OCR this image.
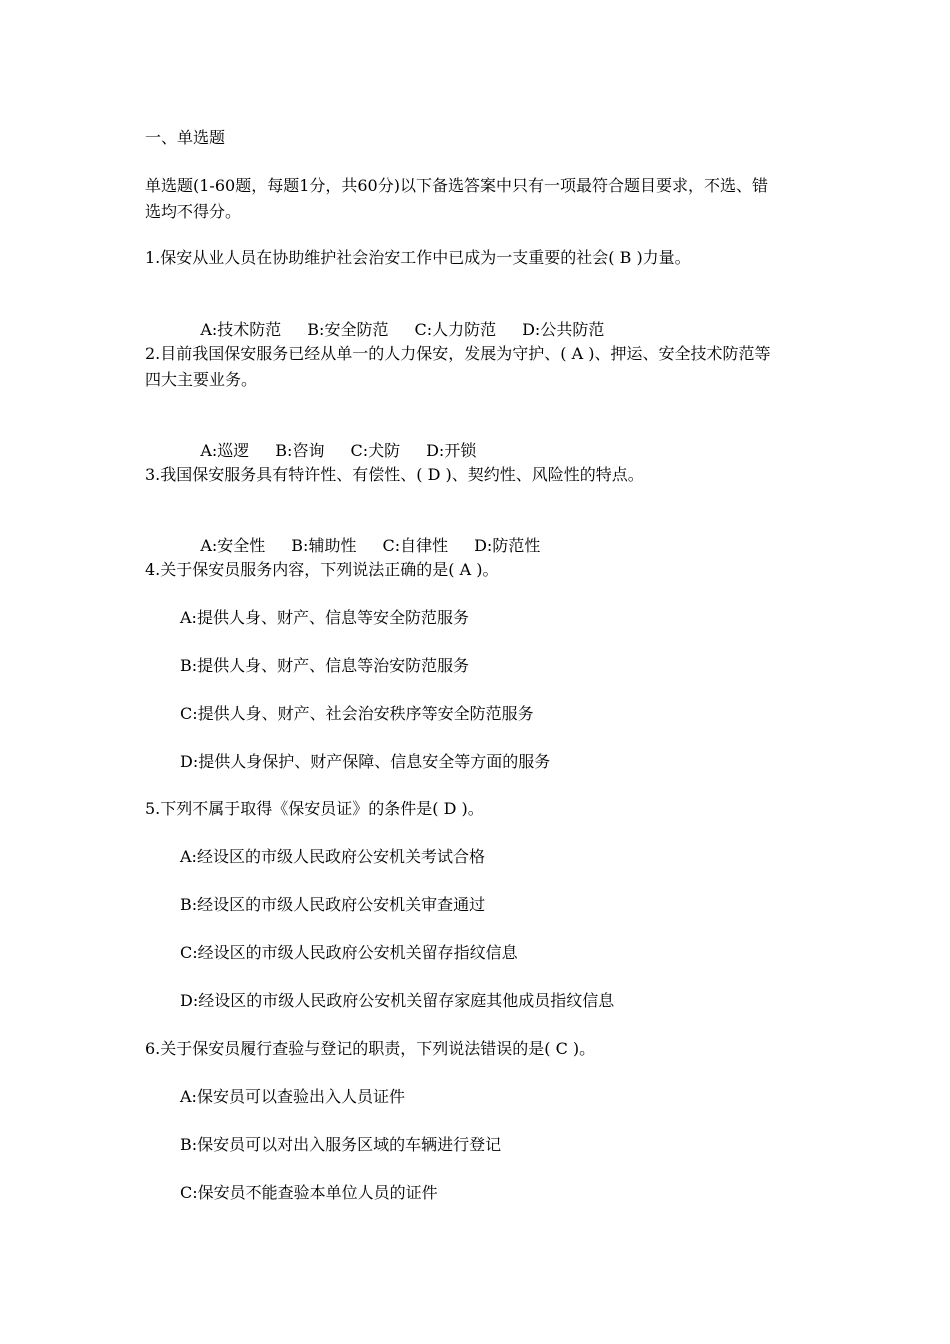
一、单选题
单选题(1-60题，每题1分，共60分)以下备选答案中只有一项最符合题目要求，不选、错
选均不得分。
1.保安从业人员在协助维护社会治安工作中已成为一支重要的社会( B )力量。

A:技术防范 B:安全防范 C:人力防范 D:公共防范

2.目前我国保安服务已经从单一的人力保安，发展为守护、( A )、押运、安全技术防范等
四大主要业务。

A:巡逻 B:咨询 C:犬防 D:开锁

3.我国保安服务具有特许性、有偿性、( D )、契约性、风险性的特点。

A:安全性 B:辅助性 C:自律性 D:防范性

4.关于保安员服务内容，下列说法正确的是( A )。
A:提供人身、财产、信息等安全防范服务
B:提供人身、财产、信息等治安防范服务
C:提供人身、财产、社会治安秩序等安全防范服务
D:提供人身保护、财产保障、信息安全等方面的服务
5.下列不属于取得《保安员证》的条件是( D )。
A:经设区的市级人民政府公安机关考试合格
B:经设区的市级人民政府公安机关审查通过
C:经设区的市级人民政府公安机关留存指纹信息
D:经设区的市级人民政府公安机关留存家庭其他成员指纹信息
6.关于保安员履行查验与登记的职责，下列说法错误的是( C )。
A:保安员可以查验出入人员证件
B:保安员可以对出入服务区域的车辆进行登记
C:保安员不能查验本单位人员的证件
